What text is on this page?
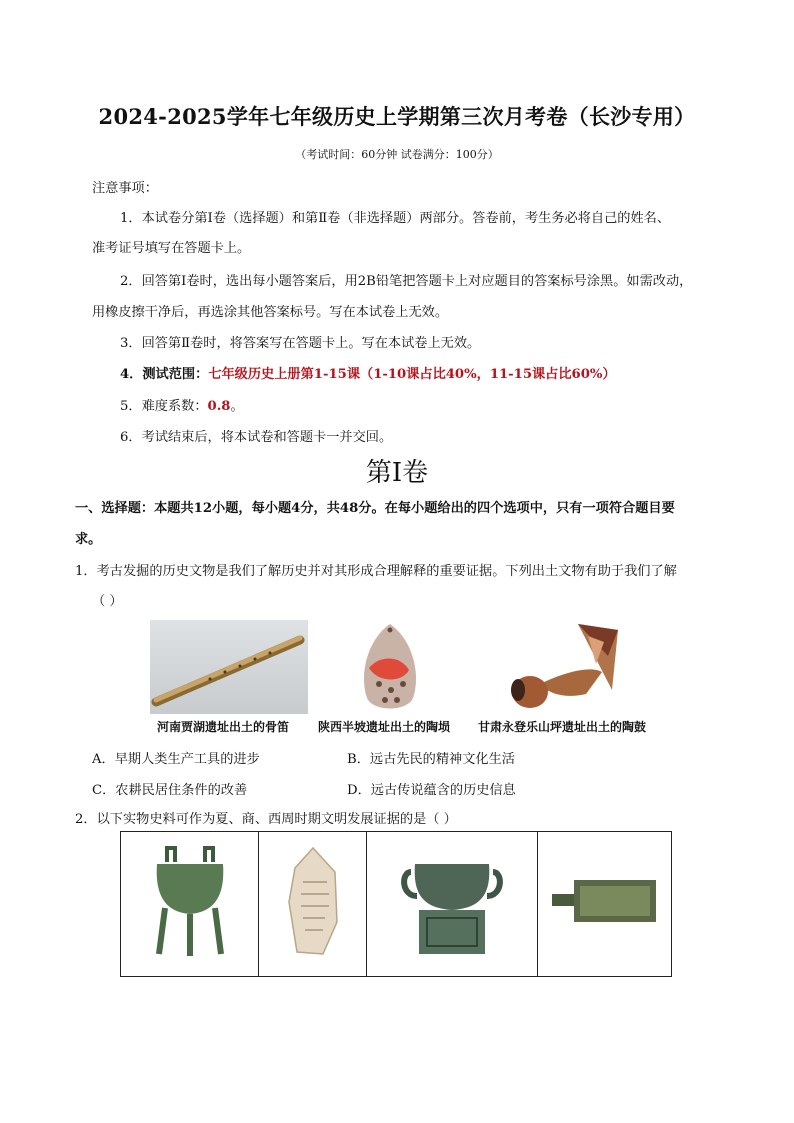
2024-2025学年七年级历史上学期第三次月考卷（长沙专用）
（考试时间：60分钟 试卷满分：100分）
注意事项：
1．本试卷分第Ⅰ卷（选择题）和第Ⅱ卷（非选择题）两部分。答卷前，考生务必将自己的姓名、
准考证号填写在答题卡上。
2．回答第Ⅰ卷时，选出每小题答案后，用2B铅笔把答题卡上对应题目的答案标号涂黑。如需改动，
用橡皮擦干净后，再选涂其他答案标号。写在本试卷上无效。
3．回答第Ⅱ卷时，将答案写在答题卡上。写在本试卷上无效。
4．测试范围：七年级历史上册第1-15课（1-10课占比40%，11-15课占比60%）
5．难度系数：0.8。
6．考试结束后，将本试卷和答题卡一并交回。
第Ⅰ卷
一、选择题：本题共12小题，每小题4分，共48分。在每小题给出的四个选项中，只有一项符合题目要
求。
1．考古发掘的历史文物是我们了解历史并对其形成合理解释的重要证据。下列出土文物有助于我们了解
（ ）
河南贾湖遗址出土的骨笛 陕西半坡遗址出土的陶埙 甘肃永登乐山坪遗址出土的陶鼓
A．早期人类生产工具的进步	B．远古先民的精神文化生活
C．农耕民居住条件的改善	D．远古传说蕴含的历史信息
2．以下实物史料可作为夏、商、西周时期文明发展证据的是（ ）
